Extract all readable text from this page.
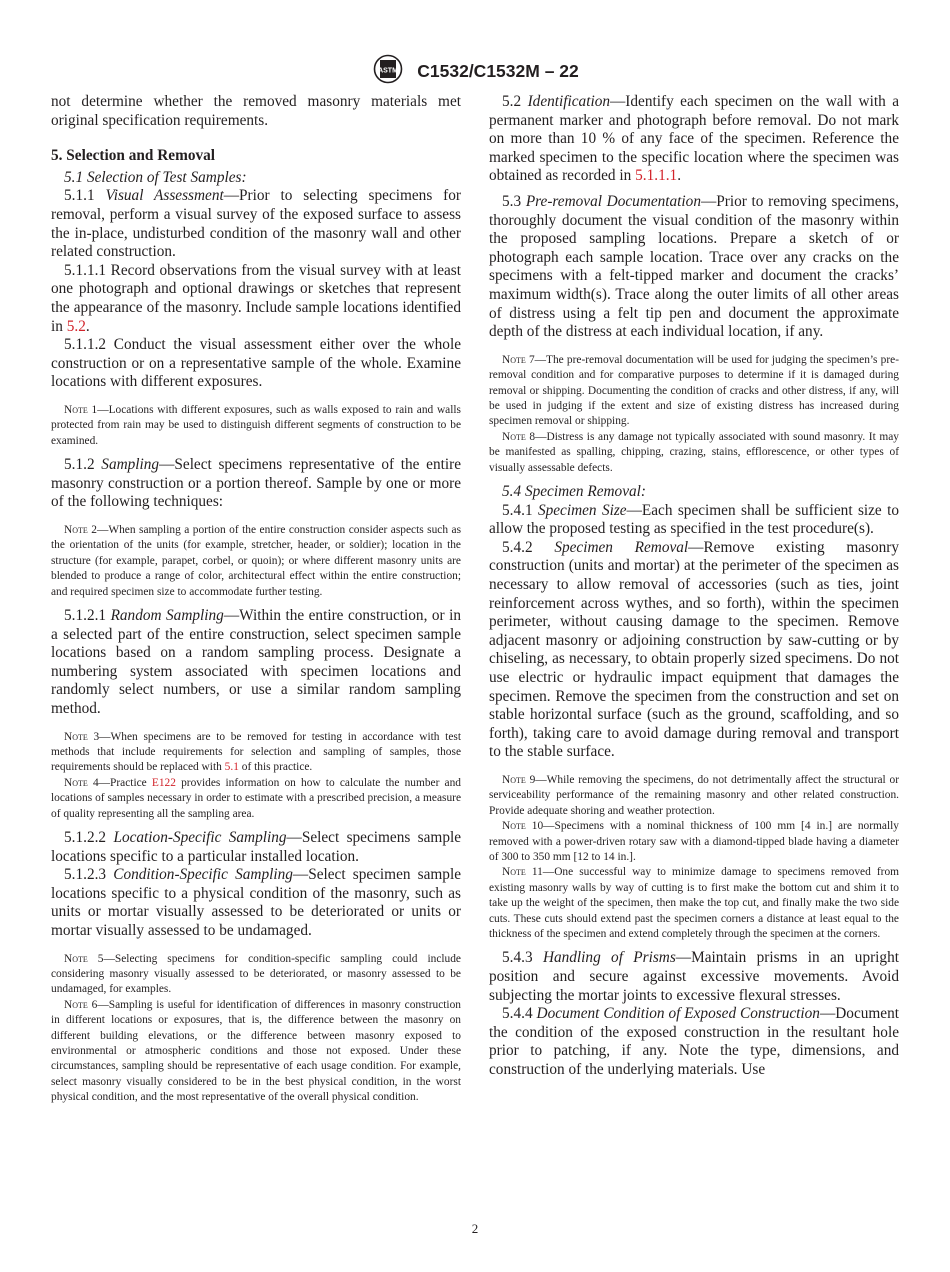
ASTM C1532/C1532M – 22

not determine whether the removed masonry materials met original specification requirements.

5. Selection and Removal

5.1 Selection of Test Samples:

5.1.1 Visual Assessment—Prior to selecting specimens for removal, perform a visual survey of the exposed surface to assess the in-place, undisturbed condition of the masonry wall and other related construction.

5.1.1.1 Record observations from the visual survey with at least one photograph and optional drawings or sketches that represent the appearance of the masonry. Include sample locations identified in 5.2.

5.1.1.2 Conduct the visual assessment either over the whole construction or on a representative sample of the whole. Examine locations with different exposures.

Note 1—Locations with different exposures, such as walls exposed to rain and walls protected from rain may be used to distinguish different segments of construction to be examined.

5.1.2 Sampling—Select specimens representative of the entire masonry construction or a portion thereof. Sample by one or more of the following techniques:

Note 2—When sampling a portion of the entire construction consider aspects such as the orientation of the units (for example, stretcher, header, or soldier); location in the structure (for example, parapet, corbel, or quoin); or where different masonry units are blended to produce a range of color, architectural effect within the entire construction; and required specimen size to accommodate further testing.

5.1.2.1 Random Sampling—Within the entire construction, or in a selected part of the entire construction, select specimen sample locations based on a random sampling process. Designate a numbering system associated with specimen locations and randomly select numbers, or use a similar random sampling method.

Note 3—When specimens are to be removed for testing in accordance with test methods that include requirements for selection and sampling of samples, those requirements should be replaced with 5.1 of this practice.

Note 4—Practice E122 provides information on how to calculate the number and locations of samples necessary in order to estimate with a prescribed precision, a measure of quality representing all the sampling area.

5.1.2.2 Location-Specific Sampling—Select specimens sample locations specific to a particular installed location.

5.1.2.3 Condition-Specific Sampling—Select specimen sample locations specific to a physical condition of the masonry, such as units or mortar visually assessed to be deteriorated or units or mortar visually assessed to be undamaged.

Note 5—Selecting specimens for condition-specific sampling could include considering masonry visually assessed to be deteriorated, or masonry assessed to be undamaged, for examples.

Note 6—Sampling is useful for identification of differences in masonry construction in different locations or exposures, that is, the difference between the masonry on different building elevations, or the difference between masonry exposed to environmental or atmospheric conditions and those not exposed. Under these circumstances, sampling should be representative of each usage condition. For example, select masonry visually considered to be in the best physical condition, in the worst physical condition, and the most representative of the overall physical condition.

5.2 Identification—Identify each specimen on the wall with a permanent marker and photograph before removal. Do not mark on more than 10 % of any face of the specimen. Reference the marked specimen to the specific location where the specimen was obtained as recorded in 5.1.1.1.

5.3 Pre-removal Documentation—Prior to removing specimens, thoroughly document the visual condition of the masonry within the proposed sampling locations. Prepare a sketch of or photograph each sample location. Trace over any cracks on the specimens with a felt-tipped marker and document the cracks’ maximum width(s). Trace along the outer limits of all other areas of distress using a felt tip pen and document the approximate depth of the distress at each individual location, if any.

Note 7—The pre-removal documentation will be used for judging the specimen’s pre-removal condition and for comparative purposes to determine if it is damaged during removal or shipping. Documenting the condition of cracks and other distress, if any, will be used in judging if the extent and size of existing distress has increased during specimen removal or shipping.

Note 8—Distress is any damage not typically associated with sound masonry. It may be manifested as spalling, chipping, crazing, stains, efflorescence, or other types of visually assessable defects.

5.4 Specimen Removal:

5.4.1 Specimen Size—Each specimen shall be sufficient size to allow the proposed testing as specified in the test procedure(s).

5.4.2 Specimen Removal—Remove existing masonry construction (units and mortar) at the perimeter of the specimen as necessary to allow removal of accessories (such as ties, joint reinforcement across wythes, and so forth), within the specimen perimeter, without causing damage to the specimen. Remove adjacent masonry or adjoining construction by saw-cutting or by chiseling, as necessary, to obtain properly sized specimens. Do not use electric or hydraulic impact equipment that damages the specimen. Remove the specimen from the construction and set on stable horizontal surface (such as the ground, scaffolding, and so forth), taking care to avoid damage during removal and transport to the stable surface.

Note 9—While removing the specimens, do not detrimentally affect the structural or serviceability performance of the remaining masonry and other related construction. Provide adequate shoring and weather protection.

Note 10—Specimens with a nominal thickness of 100 mm [4 in.] are normally removed with a power-driven rotary saw with a diamond-tipped blade having a diameter of 300 to 350 mm [12 to 14 in.].

Note 11—One successful way to minimize damage to specimens removed from existing masonry walls by way of cutting is to first make the bottom cut and shim it to take up the weight of the specimen, then make the top cut, and finally make the two side cuts. These cuts should extend past the specimen corners a distance at least equal to the thickness of the specimen and extend completely through the specimen at the corners.

5.4.3 Handling of Prisms—Maintain prisms in an upright position and secure against excessive movements. Avoid subjecting the mortar joints to excessive flexural stresses.

5.4.4 Document Condition of Exposed Construction—Document the condition of the exposed construction in the resultant hole prior to patching, if any. Note the type, dimensions, and construction of the underlying materials. Use

2
